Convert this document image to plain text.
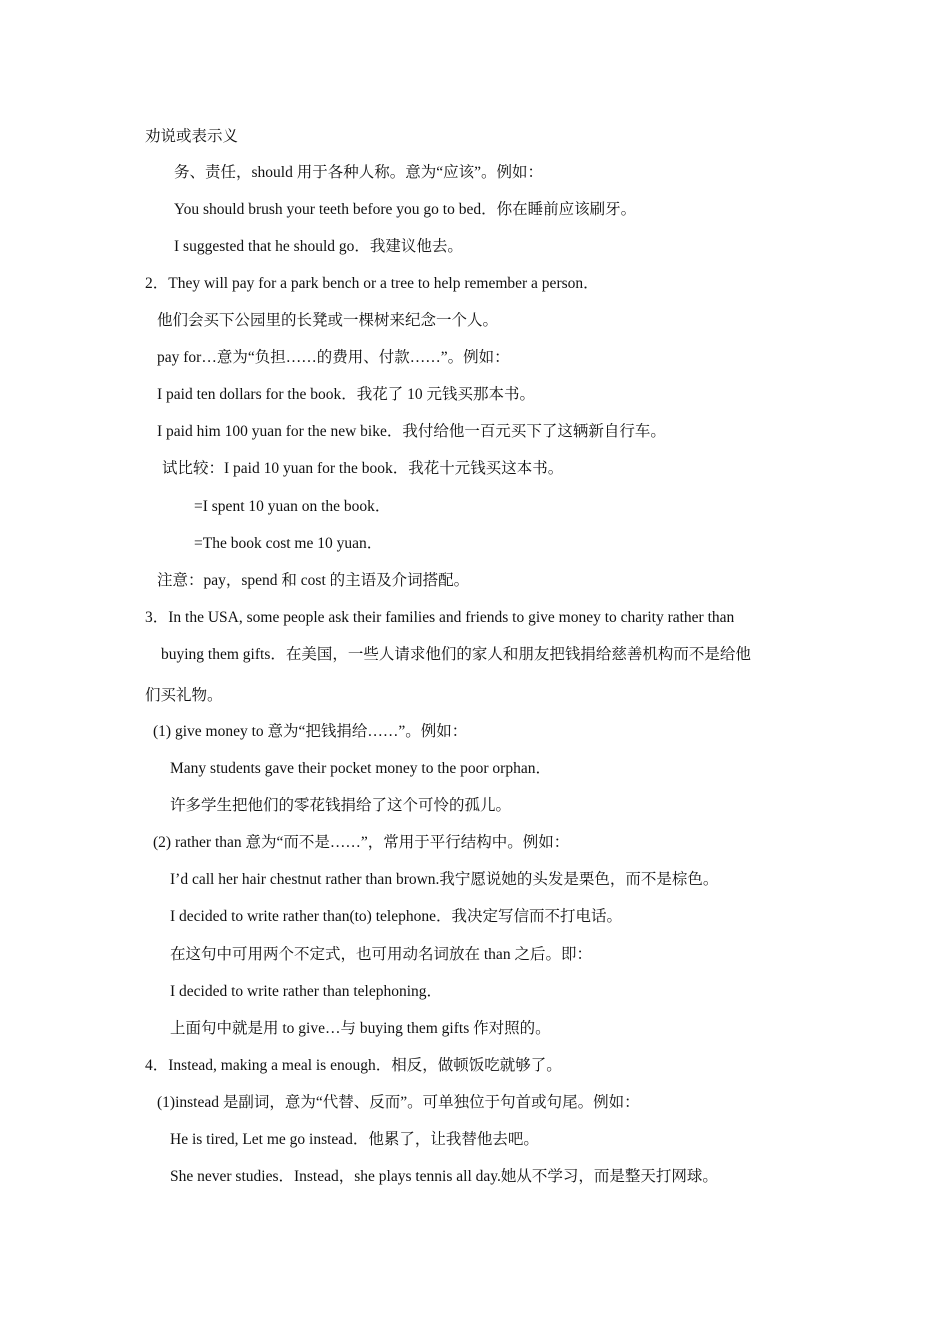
劝说或表示义
务、责任，should 用于各种人称。意为“应该”。例如：
You should brush your teeth before you go to bed．你在睡前应该刷牙。
I suggested that he should go．我建议他去。
2．They will pay for a park bench or a tree to help remember a person．
他们会买下公园里的长凳或一棵树来纪念一个人。
pay for…意为“负担……的费用、付款……”。例如：
I paid ten dollars for the book．我花了 10 元钱买那本书。
I paid him 100 yuan for the new bike．我付给他一百元买下了这辆新自行车。
试比较：I paid 10 yuan for the book．我花十元钱买这本书。
=I spent 10 yuan on the book．
=The book cost me 10 yuan．
注意：pay，spend 和 cost 的主语及介词搭配。
3．In the USA, some people ask their families and friends to give money to charity rather than
buying them gifts．在美国，一些人请求他们的家人和朋友把钱捐给慈善机构而不是给他
们买礼物。
(1) give money to 意为“把钱捐给……”。例如：
Many students gave their pocket money to the poor orphan．
许多学生把他们的零花钱捐给了这个可怜的孤儿。
(2) rather than 意为“而不是……”，常用于平行结构中。例如：
I’d call her hair chestnut rather than brown.我宁愿说她的头发是栗色，而不是棕色。
I decided to write rather than(to) telephone．我决定写信而不打电话。
在这句中可用两个不定式，也可用动名词放在 than 之后。即：
I decided to write rather than telephoning．
上面句中就是用 to give…与 buying them gifts 作对照的。
4．Instead, making a meal is enough．相反，做顿饭吃就够了。
(1)instead 是副词，意为“代替、反而”。可单独位于句首或句尾。例如：
He is tired, Let me go instead．他累了，让我替他去吧。
She never studies．Instead，she plays tennis all day.她从不学习，而是整天打网球。
